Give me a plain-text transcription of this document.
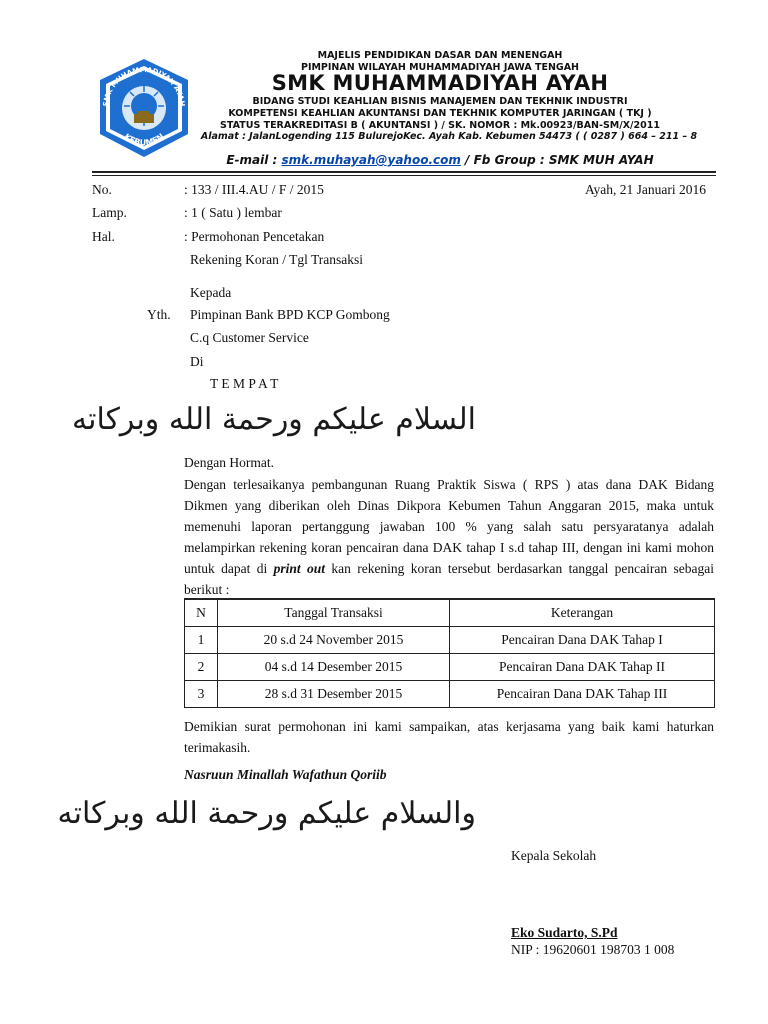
SMK MUHAMMADIYAH AYAH
KEBUMEN
MAJELIS PENDIDIKAN DASAR DAN MENENGAH
PIMPINAN WILAYAH MUHAMMADIYAH JAWA TENGAH
SMK MUHAMMADIYAH AYAH
BIDANG STUDI KEAHLIAN BISNIS MANAJEMEN DAN TEKHNIK INDUSTRI
KOMPETENSI KEAHLIAN AKUNTANSI DAN TEKHNIK KOMPUTER JARINGAN ( TKJ )
STATUS TERAKREDITASI B ( AKUNTANSI ) / SK. NOMOR : Mk.00923/BAN-SM/X/2011
Alamat : JalanLogending 115 BulurejoKec. Ayah Kab. Kebumen 54473 ( ( 0287 ) 664 – 211 – 8
E-mail : smk.muhayah@yahoo.com / Fb Group : SMK MUH AYAH
No.	: 133 / III.4.AU / F / 2015	Ayah, 21 Januari 2016
Lamp.	: 1 ( Satu ) lembar
Hal.	: Permohonan Pencetakan
Rekening Koran / Tgl Transaksi
Kepada
Yth. Pimpinan Bank BPD KCP Gombong
C.q Customer Service
Di
T E M P A T
السلام عليكم ورحمة الله وبركاته
Dengan Hormat.
Dengan terlesaikanya pembangunan Ruang Praktik Siswa ( RPS ) atas dana DAK Bidang Dikmen yang diberikan oleh Dinas Dikpora Kebumen Tahun Anggaran 2015, maka untuk memenuhi laporan pertanggung jawaban 100 % yang salah satu persyaratanya adalah melampirkan rekening koran pencairan dana DAK tahap I s.d tahap III, dengan ini kami mohon untuk dapat di print out kan rekening koran tersebut berdasarkan tanggal pencairan sebagai berikut :
N	Tanggal Transaksi	Keterangan
1	20 s.d 24 November 2015	Pencairan Dana DAK Tahap I
2	04 s.d 14 Desember 2015	Pencairan Dana DAK Tahap II
3	28 s.d 31 Desember 2015	Pencairan Dana DAK Tahap III
Demikian surat permohonan ini kami sampaikan, atas kerjasama yang baik kami haturkan terimakasih.
Nasruun Minallah Wafathun Qoriib
والسلام عليكم ورحمة الله وبركاته
Kepala Sekolah
Eko Sudarto, S.Pd
NIP : 19620601 198703 1 008
